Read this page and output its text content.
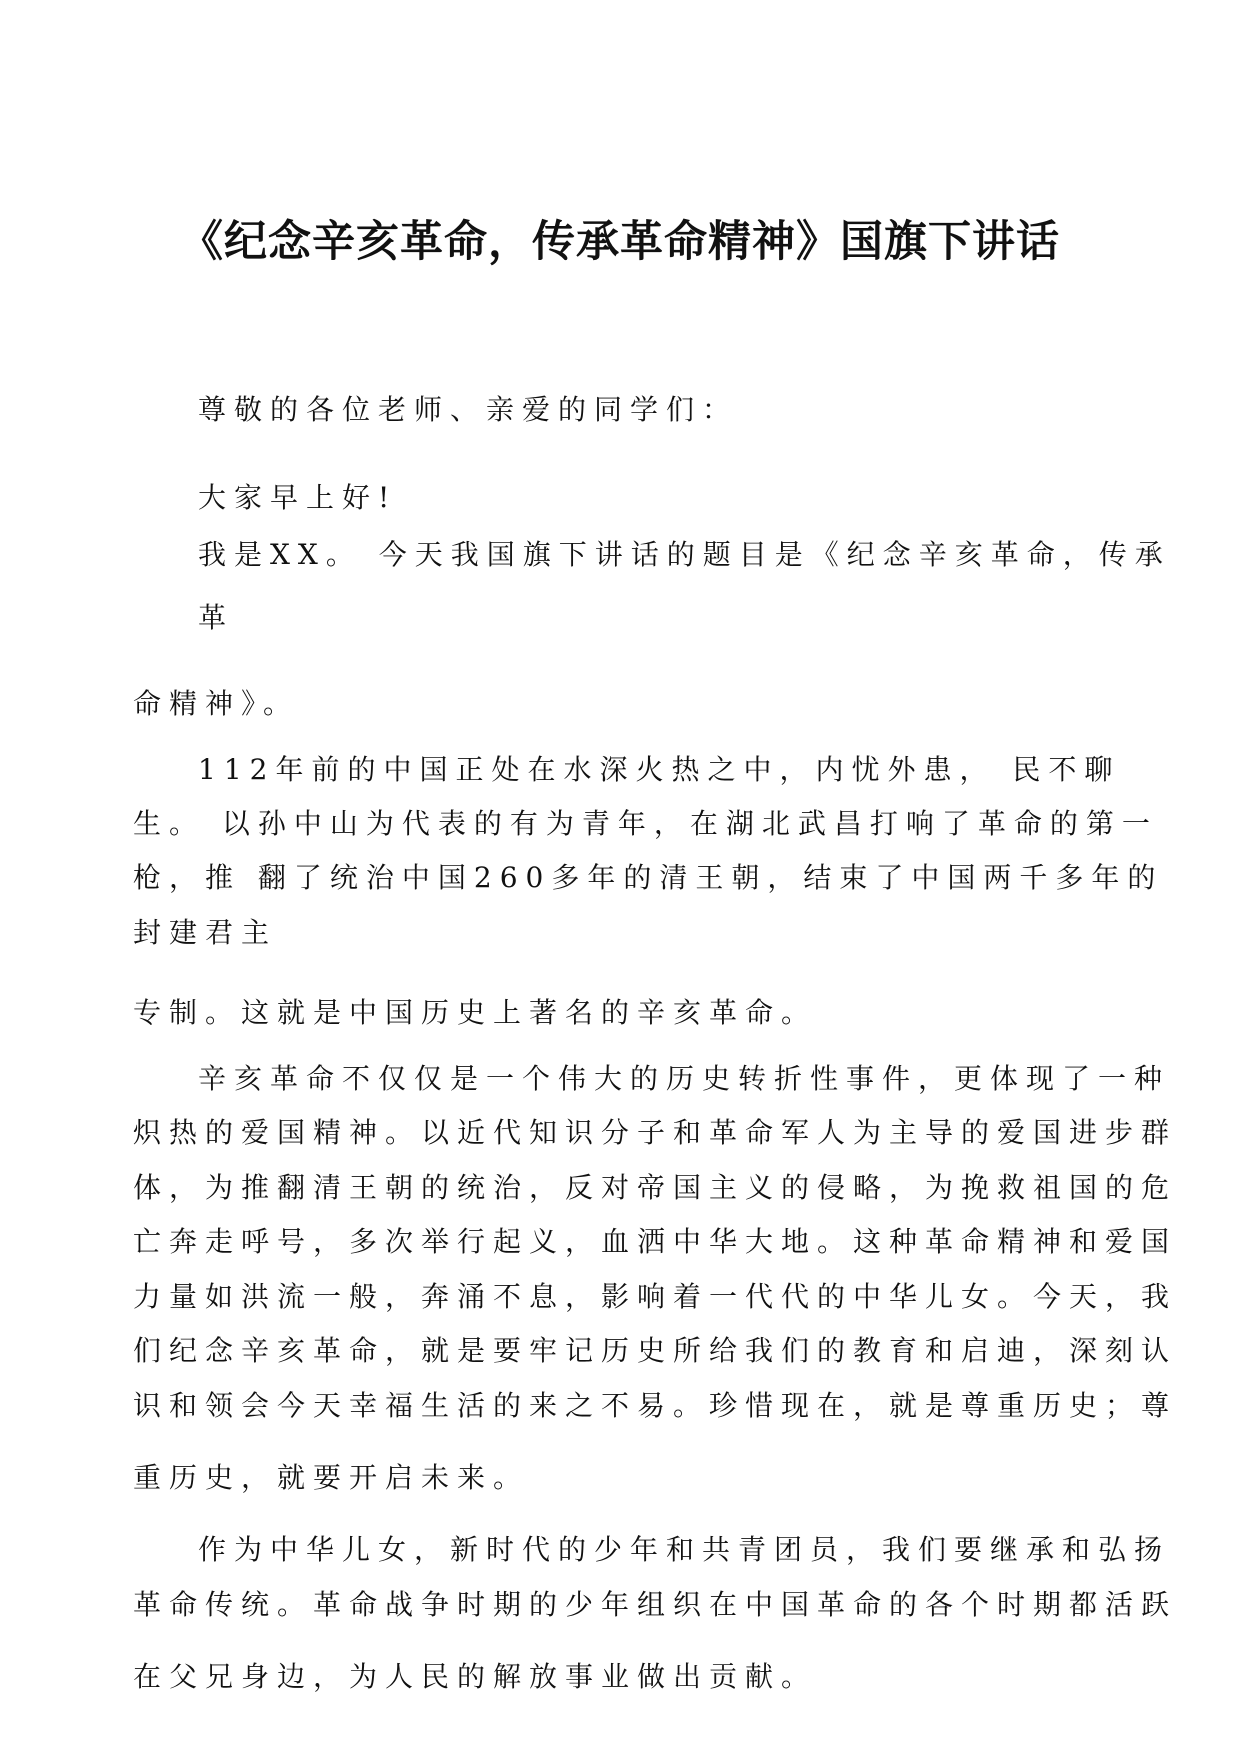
《纪念辛亥革命，传承革命精神》国旗下讲话
尊敬的各位老师、亲爱的同学们：
大家早上好!
我是XX。 今天我国旗下讲话的题目是《纪念辛亥革命，传承
革
命精神》。
112年前的中国正处在水深火热之中，内忧外患， 民不聊
生。 以孙中山为代表的有为青年，在湖北武昌打响了革命的第一
枪，推 翻了统治中国260多年的清王朝，结束了中国两千多年的
封建君主
专制。这就是中国历史上著名的辛亥革命。
辛亥革命不仅仅是一个伟大的历史转折性事件，更体现了一种
炽热的爱国精神。以近代知识分子和革命军人为主导的爱国进步群
体，为推翻清王朝的统治，反对帝国主义的侵略，为挽救祖国的危
亡奔走呼号，多次举行起义，血洒中华大地。这种革命精神和爱国
力量如洪流一般，奔涌不息，影响着一代代的中华儿女。今天，我
们纪念辛亥革命，就是要牢记历史所给我们的教育和启迪，深刻认
识和领会今天幸福生活的来之不易。珍惜现在，就是尊重历史；尊
重历史，就要开启未来。
作为中华儿女，新时代的少年和共青团员，我们要继承和弘扬
革命传统。革命战争时期的少年组织在中国革命的各个时期都活跃
在父兄身边，为人民的解放事业做出贡献。
